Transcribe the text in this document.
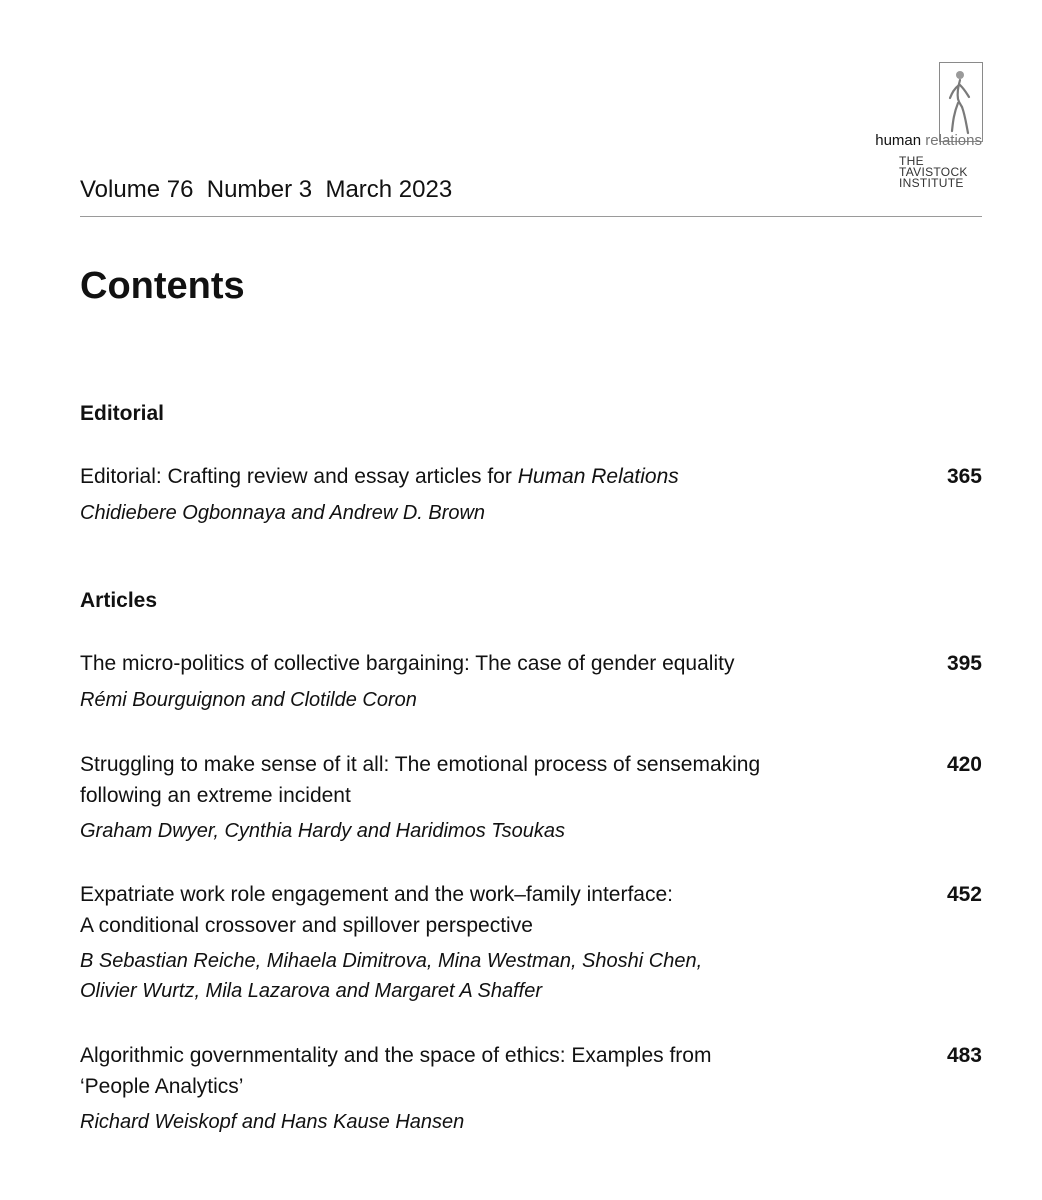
human relations
THE
TAVISTOCK
INSTITUTE
Volume 76  Number 3  March 2023
Contents
Editorial
Editorial: Crafting review and essay articles for Human Relations
Chidiebere Ogbonnaya and Andrew D. Brown
365
Articles
The micro-politics of collective bargaining: The case of gender equality
Rémi Bourguignon and Clotilde Coron
395
Struggling to make sense of it all: The emotional process of sensemaking
following an extreme incident
Graham Dwyer, Cynthia Hardy and Haridimos Tsoukas
420
Expatriate work role engagement and the work–family interface:
A conditional crossover and spillover perspective
B Sebastian Reiche, Mihaela Dimitrova, Mina Westman, Shoshi Chen,
Olivier Wurtz, Mila Lazarova and Margaret A Shaffer
452
Algorithmic governmentality and the space of ethics: Examples from
‘People Analytics’
Richard Weiskopf and Hans Kause Hansen
483
